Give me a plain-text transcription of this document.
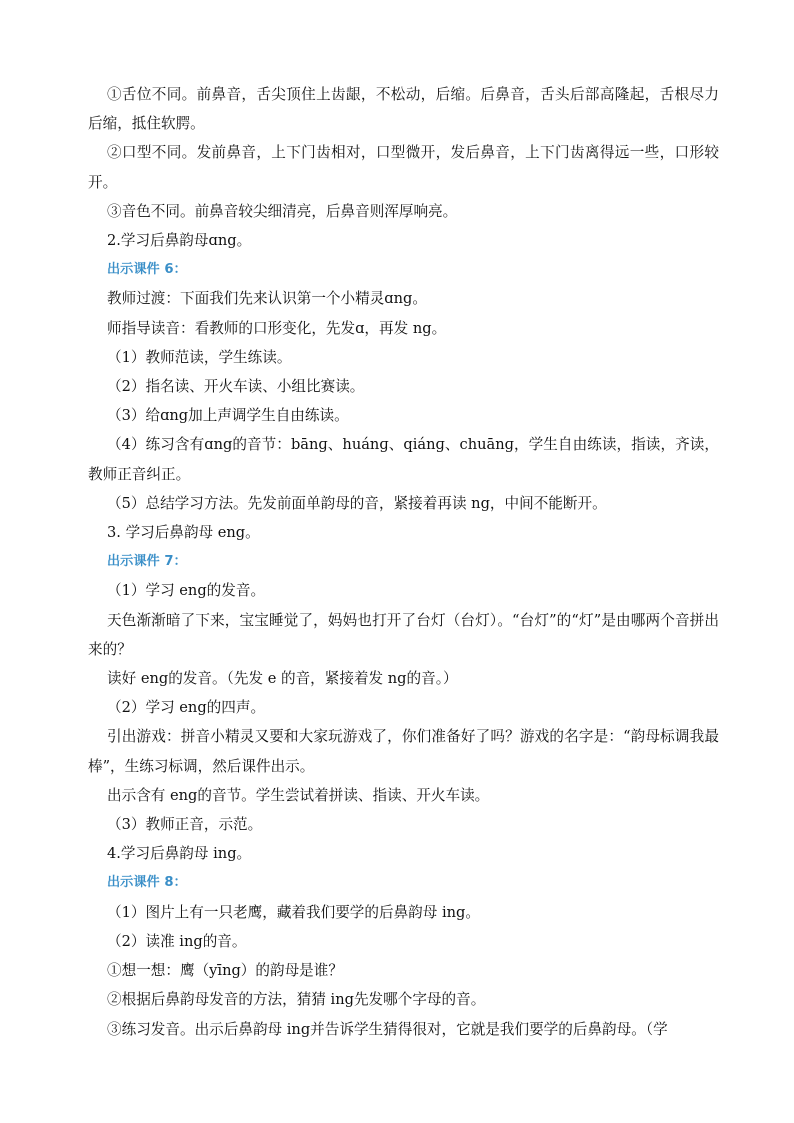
①舌位不同。前鼻音，舌尖顶住上齿龈，不松动，后缩。后鼻音，舌头后部高隆起，舌根尽力后缩，抵住软腭。

②口型不同。发前鼻音，上下门齿相对，口型微开，发后鼻音，上下门齿离得远一些，口形较开。

③音色不同。前鼻音较尖细清亮，后鼻音则浑厚响亮。

2.学习后鼻韵母ɑng。

出示课件 6：

教师过渡：下面我们先来认识第一个小精灵ɑng。

师指导读音：看教师的口形变化，先发ɑ，再发 ng。

（1）教师范读，学生练读。

（2）指名读、开火车读、小组比赛读。

（3）给ɑng加上声调学生自由练读。

（4）练习含有ɑng的音节：bānɡ、huánɡ、qiánɡ、chuānɡ，学生自由练读，指读，齐读，教师正音纠正。

（5）总结学习方法。先发前面单韵母的音，紧接着再读 ng，中间不能断开。

3. 学习后鼻韵母 eng。

出示课件 7：

（1）学习 eng的发音。

天色渐渐暗了下来，宝宝睡觉了，妈妈也打开了台灯（台灯）。“台灯”的“灯”是由哪两个音拼出来的？

读好 eng的发音。（先发 e 的音，紧接着发 ng的音。）

（2）学习 eng的四声。

引出游戏：拼音小精灵又要和大家玩游戏了，你们准备好了吗？游戏的名字是：“韵母标调我最棒”，生练习标调，然后课件出示。

出示含有 eng的音节。学生尝试着拼读、指读、开火车读。

（3）教师正音，示范。

4.学习后鼻韵母 ing。

出示课件 8：

（1）图片上有一只老鹰，藏着我们要学的后鼻韵母 ing。

（2）读准 ing的音。

①想一想：鹰（yīng）的韵母是谁？

②根据后鼻韵母发音的方法，猜猜 ing先发哪个字母的音。

③练习发音。出示后鼻韵母 ing并告诉学生猜得很对，它就是我们要学的后鼻韵母。（学
